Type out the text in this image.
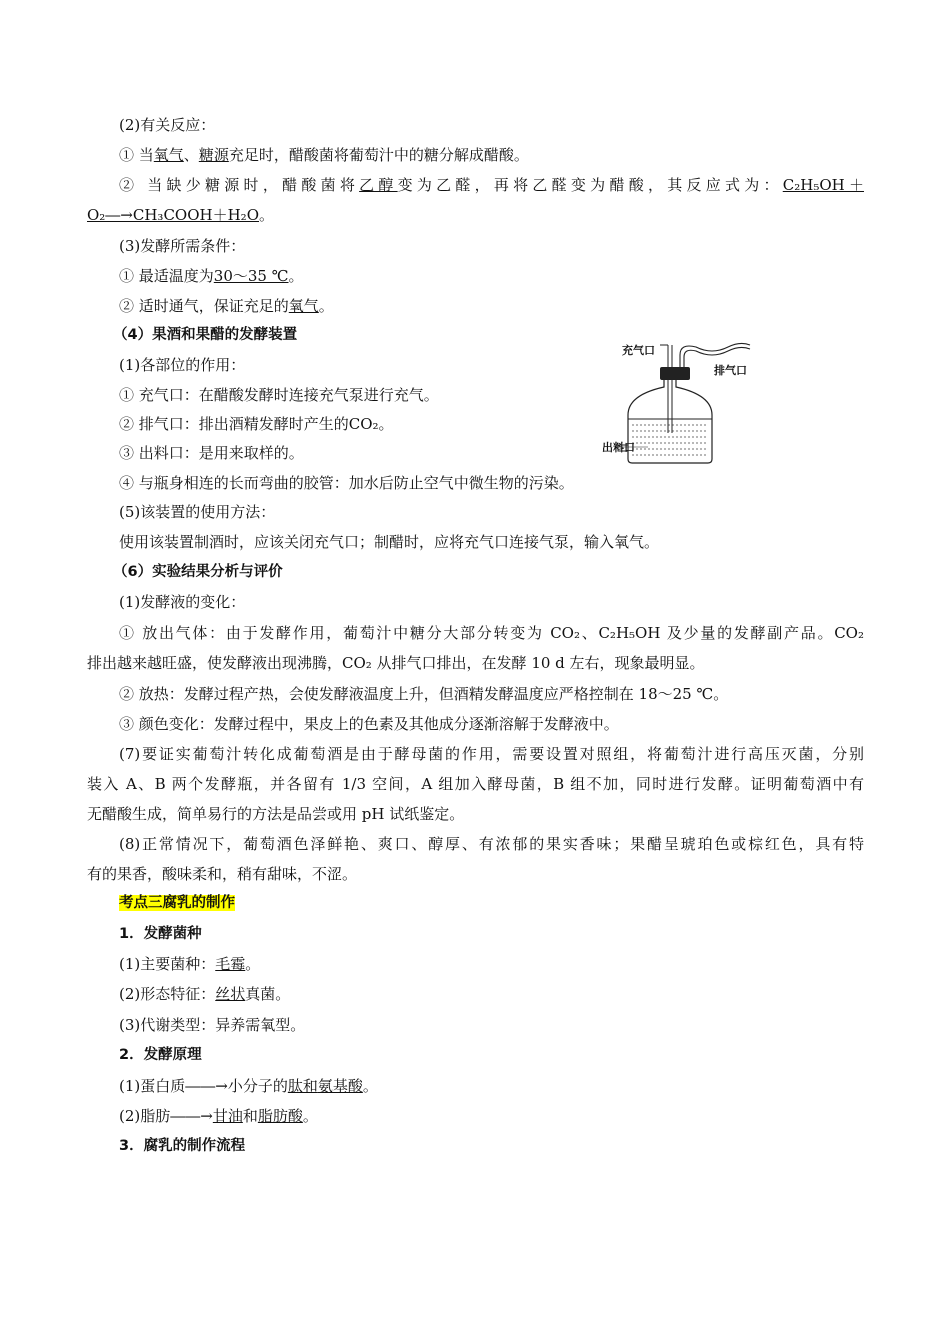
(2)有关反应：
① 当氧气、糖源充足时，醋酸菌将葡萄汁中的糖分解成醋酸。
② 当缺少糖源时，醋酸菌将乙醇变为乙醛，再将乙醛变为醋酸，其反应式为：C₂H₅OH＋
O₂―→CH₃COOH＋H₂O。
(3)发酵所需条件：
① 最适温度为30～35 ℃。
② 适时通气，保证充足的氧气。
（4）果酒和果醋的发酵装置
(1)各部位的作用：
① 充气口：在醋酸发酵时连接充气泵进行充气。
② 排气口：排出酒精发酵时产生的CO₂。
③ 出料口：是用来取样的。
④ 与瓶身相连的长而弯曲的胶管：加水后防止空气中微生物的污染。
充气口
排气口
出料口
(5)该装置的使用方法：
使用该装置制酒时，应该关闭充气口；制醋时，应将充气口连接气泵，输入氧气。
（6）实验结果分析与评价
(1)发酵液的变化：
① 放出气体：由于发酵作用，葡萄汁中糖分大部分转变为 CO₂、C₂H₅OH 及少量的发酵副产品。CO₂
排出越来越旺盛，使发酵液出现沸腾，CO₂ 从排气口排出，在发酵 10 d 左右，现象最明显。
② 放热：发酵过程产热，会使发酵液温度上升，但酒精发酵温度应严格控制在 18～25 ℃。
③ 颜色变化：发酵过程中，果皮上的色素及其他成分逐渐溶解于发酵液中。
(7)要证实葡萄汁转化成葡萄酒是由于酵母菌的作用，需要设置对照组，将葡萄汁进行高压灭菌，分别
装入 A、B 两个发酵瓶，并各留有 1/3 空间，A 组加入酵母菌，B 组不加，同时进行发酵。证明葡萄酒中有
无醋酸生成，简单易行的方法是品尝或用 pH 试纸鉴定。
(8)正常情况下，葡萄酒色泽鲜艳、爽口、醇厚、有浓郁的果实香味；果醋呈琥珀色或棕红色，具有特
有的果香，酸味柔和，稍有甜味，不涩。
考点三腐乳的制作
1．发酵菌种
(1)主要菌种：毛霉。
(2)形态特征：丝状真菌。
(3)代谢类型：异养需氧型。
2．发酵原理
(1)蛋白质――→小分子的肽和氨基酸。
(2)脂肪――→甘油和脂肪酸。
3．腐乳的制作流程
